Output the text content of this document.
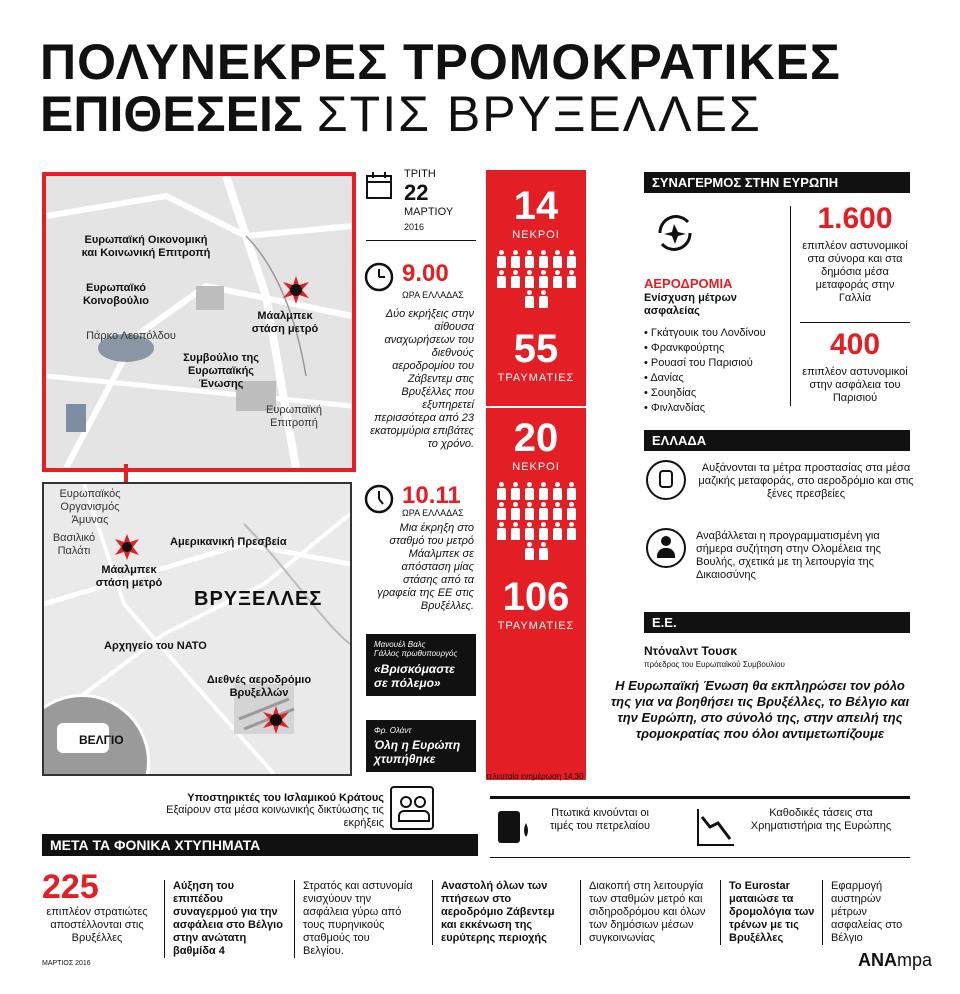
ΠΟΛΥΝΕΚΡΕΣ ΤΡΟΜΟΚΡΑΤΙΚΕΣ
ΕΠΙΘΕΣΕΙΣ ΣΤΙΣ ΒΡΥΞΕΛΛΕΣ
Ευρωπαϊκή Οικονομική και Κοινωνική Επιτροπή
Ευρωπαϊκό Κοινοβούλιο
Πάρκο Λεοπόλδου
Συμβούλιο της Ευρωπαϊκής Ένωσης
Μάαλμπεκ στάση μετρό
Ευρωπαϊκή Επιτροπή
Ευρωπαϊκός Οργανισμός Άμυνας
Βασιλικό Παλάτι
Αμερικανική Πρεσβεία
Μάαλμπεκ στάση μετρό
ΒΡΥΞΕΛΛΕΣ
Αρχηγείο του ΝΑΤΟ
Διεθνές αεροδρόμιο Βρυξελλών
ΒΕΛΓΙΟ
ΤΡΙΤΗ
22
ΜΑΡΤΙΟΥ
2016
9.00
ΩΡΑ ΕΛΛΑΔΑΣ
Δύο εκρήξεις στην αίθουσα αναχωρήσεων του διεθνούς αεροδρομίου του Ζάβεντεμ στις Βρυξέλλες που εξυπηρετεί περισσότερα από 23 εκατομμύρια επιβάτες το χρόνο.
10.11
ΩΡΑ ΕΛΛΑΔΑΣ
Μια έκρηξη στο σταθμό του μετρό Μάαλμπεκ σε απόσταση μίας στάσης από τα γραφεία της ΕΕ στις Βρυξέλλες.
Μανουέλ Βαλς
Γάλλος πρωθυπουργός
«Βρισκόμαστε σε πόλεμο»
Φρ. Ολάντ
Όλη η Ευρώπη χτυπήθηκε
14
ΝΕΚΡΟΙ
55
ΤΡΑΥΜΑΤΙΕΣ
20
ΝΕΚΡΟΙ
106
ΤΡΑΥΜΑΤΙΕΣ
τελευταία ενημέρωση 14.30
ΣΥΝΑΓΕΡΜΟΣ ΣΤΗΝ ΕΥΡΩΠΗ
ΑΕΡΟΔΡΟΜΙΑ
Ενίσχυση μέτρων ασφαλείας
• Γκάτγουικ του Λονδίνου
• Φρανκφούρτης
• Ρουασί του Παρισιού
• Δανίας
• Σουηδίας
• Φινλανδίας
1.600
επιπλέον αστυνομικοί στα σύνορα και στα δημόσια μέσα μεταφοράς στην Γαλλία
400
επιπλέον αστυνομικοί στην ασφάλεια του Παρισιού
ΕΛΛΑΔΑ
Αυξάνονται τα μέτρα προστασίας στα μέσα μαζικής μεταφοράς, στο αεροδρόμιο και στις ξένες πρεσβείες
Αναβάλλεται η προγραμματισμένη για σήμερα συζήτηση στην Ολομέλεια της Βουλής, σχετικά με τη λειτουργία της Δικαιοσύνης
Ε.Ε.
Ντόναλντ Τουσκ
πρόεδρος του Ευρωπαϊκού Συμβουλίου
Η Ευρωπαϊκή Ένωση θα εκπληρώσει τον ρόλο της για να βοηθήσει τις Βρυξέλλες, το Βέλγιο και την Ευρώπη, στο σύνολό της, στην απειλή της τρομοκρατίας που όλοι αντιμετωπίζουμε
Υποστηρικτές του Ισλαμικού Κράτους
Εξαίρουν στα μέσα κοινωνικής δικτύωσης τις εκρήξεις
Πτωτικά κινούνται οι τιμές του πετρελαίου
Καθοδικές τάσεις στα Χρηματιστήρια της Ευρώπης
ΜΕΤΑ ΤΑ ΦΟΝΙΚΑ ΧΤΥΠΗΜΑΤΑ
225
επιπλέον στρατιώτες αποστέλλονται στις Βρυξέλλες
Αύξηση του επιπέδου συναγερμού για την ασφάλεια στο Βέλγιο στην ανώτατη βαθμίδα 4
Στρατός και αστυνομία ενισχύουν την ασφάλεια γύρω από τους πυρηνικούς σταθμούς του Βελγίου.
Αναστολή όλων των πτήσεων στο αεροδρόμιο Ζάβεντεμ και εκκένωση της ευρύτερης περιοχής
Διακοπή στη λειτουργία των σταθμών μετρό και σιδηροδρόμου και όλων των δημόσιων μέσων συγκοινωνίας
Το Eurostar ματαιώσε τα δρομολόγια των τρένων με τις Βρυξέλλες
Εφαρμογή αυστηρών μέτρων ασφαλείας στο Βέλγιο
ΜΑΡΤΙΟΣ 2016	ΑΝΑmpa
